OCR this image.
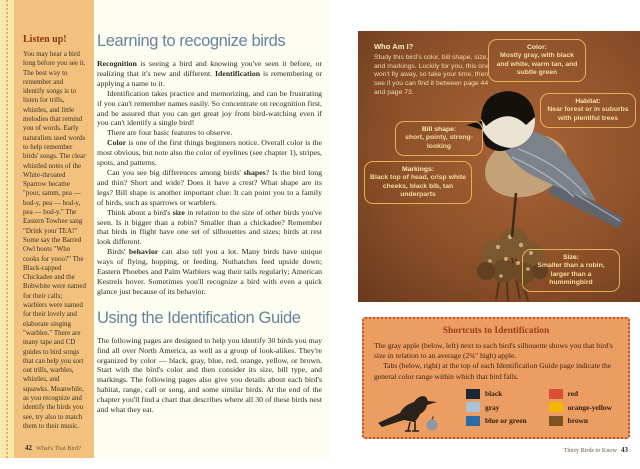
Listen up!
You may hear a bird long before you see it. The best way to remember and identify songs is to listen for trills, whistles, and little melodies that remind you of words. Early naturalists used words to help remember birds' songs. The clear whistled notes of the White-throated Sparrow became "poor, samm, pea — bod-y, pea — bod-y, pea — bod-y." The Eastern Towhee sang "Drink your TEA!" Some say the Barred Owl hoots "Who cooks for yooo?" The Black-capped Chickadee and the Bobwhite were named for their calls; warblers were named for their lovely and elaborate singing "warbles." There are many tape and CD guides to bird songs that can help you sort out trills, warbles, whistles, and squawks. Meanwhile, as you recognize and identify the birds you see, try also to match them to their music.
Learning to recognize birds

Recognition is seeing a bird and knowing you've seen it before, or realizing that it's new and different. Identification is remembering or applying a name to it.

Identification takes practice and memorizing, and can be frustrating if you can't remember names easily. So concentrate on recognition first, and be assured that you can get great joy from bird-watching even if you can't identify a single bird!

There are four basic features to observe.

Color is one of the first things beginners notice. Overall color is the most obvious, but note also the color of eyelines (see chapter 1), stripes, spots, and patterns.

Can you see big differences among birds' shapes? Is the bird long and thin? Short and wide? Does it have a crest? What shape are its legs? Bill shape is another important clue: It can point you to a family of birds, such as sparrows or warblers.

Think about a bird's size in relation to the size of other birds you've seen. Is it bigger than a robin? Smaller than a chickadee? Remember that birds in flight have one set of silhouettes and sizes; birds at rest look different.

Birds' behavior can also tell you a lot. Many birds have unique ways of flying, hopping, or feeding. Nuthatches feed upside down; Eastern Phoebes and Palm Warblers wag their tails regularly; American Kestrels hover. Sometimes you'll recognize a bird with even a quick glance just because of its behavior.

Using the Identification Guide

The following pages are designed to help you identify 30 birds you may find all over North America, as well as a group of look-alikes. They're organized by color — black, gray, blue, red, orange, yellow, or brown. Start with the bird's color and then consider its size, bill type, and markings. The following pages also give you details about each bird's habitat, range, call or song, and some similar birds. At the end of the chapter you'll find a chart that describes where all 30 of these birds nest and what they eat.

42 What's That Bird?
Who Am I?
Study this bird's color, bill shape, size, and markings. Luckily for you, this one won't fly away, so take your time, then see if you can find it between page 44 and page 73.
Color:
Mostly gray, with black and white, warm tan, and subtle green
Habitat:
Near forest or in suburbs with plentiful trees
Bill shape:
short, pointy, strong-looking
Markings:
Black top of head, crisp white cheeks, black bib, tan underparts
Size:
Smaller than a robin, larger than a hummingbird
Shortcuts to Identification

The gray apple (below, left) next to each bird's silhouette shows you that bird's size in relation to an average (2¾" high) apple.

Tabs (below, right) at the top of each Identification Guide page indicate the general color range within which that bird falls.

black
gray
blue or green
red
orange-yellow
brown
Thirty Birds to Know 43
